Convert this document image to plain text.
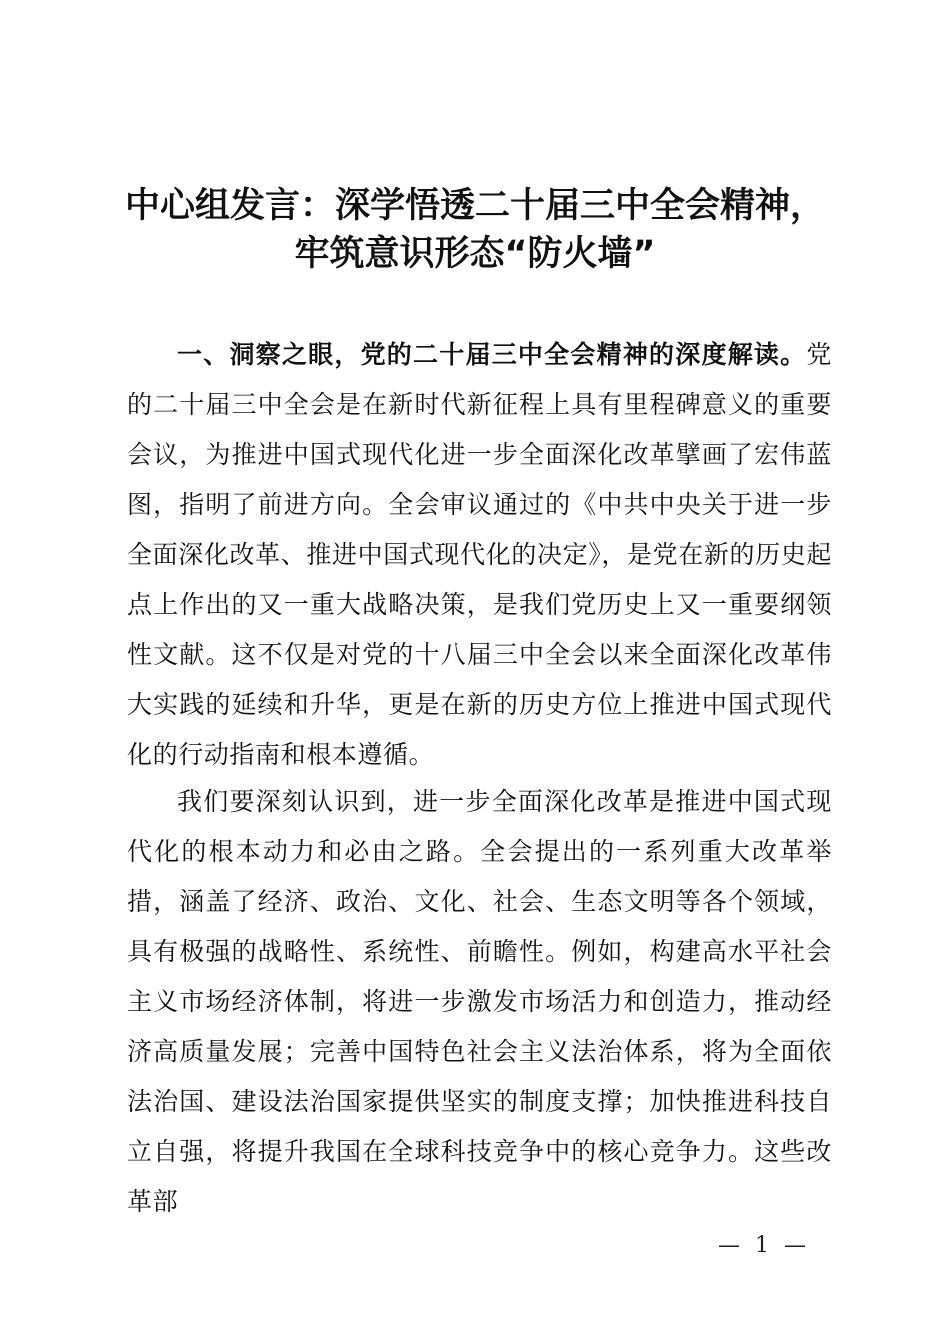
中心组发言：深学悟透二十届三中全会精神，
牢筑意识形态“防火墙”

一、洞察之眼，党的二十届三中全会精神的深度解读。党的二十届三中全会是在新时代新征程上具有里程碑意义的重要会议，为推进中国式现代化进一步全面深化改革擘画了宏伟蓝图，指明了前进方向。全会审议通过的《中共中央关于进一步全面深化改革、推进中国式现代化的决定》，是党在新的历史起点上作出的又一重大战略决策，是我们党历史上又一重要纲领性文献。这不仅是对党的十八届三中全会以来全面深化改革伟大实践的延续和升华，更是在新的历史方位上推进中国式现代化的行动指南和根本遵循。

我们要深刻认识到，进一步全面深化改革是推进中国式现代化的根本动力和必由之路。全会提出的一系列重大改革举措，涵盖了经济、政治、文化、社会、生态文明等各个领域，具有极强的战略性、系统性、前瞻性。例如，构建高水平社会主义市场经济体制，将进一步激发市场活力和创造力，推动经济高质量发展；完善中国特色社会主义法治体系，将为全面依法治国、建设法治国家提供坚实的制度支撑；加快推进科技自立自强，将提升我国在全球科技竞争中的核心竞争力。这些改革部

— 1 —
